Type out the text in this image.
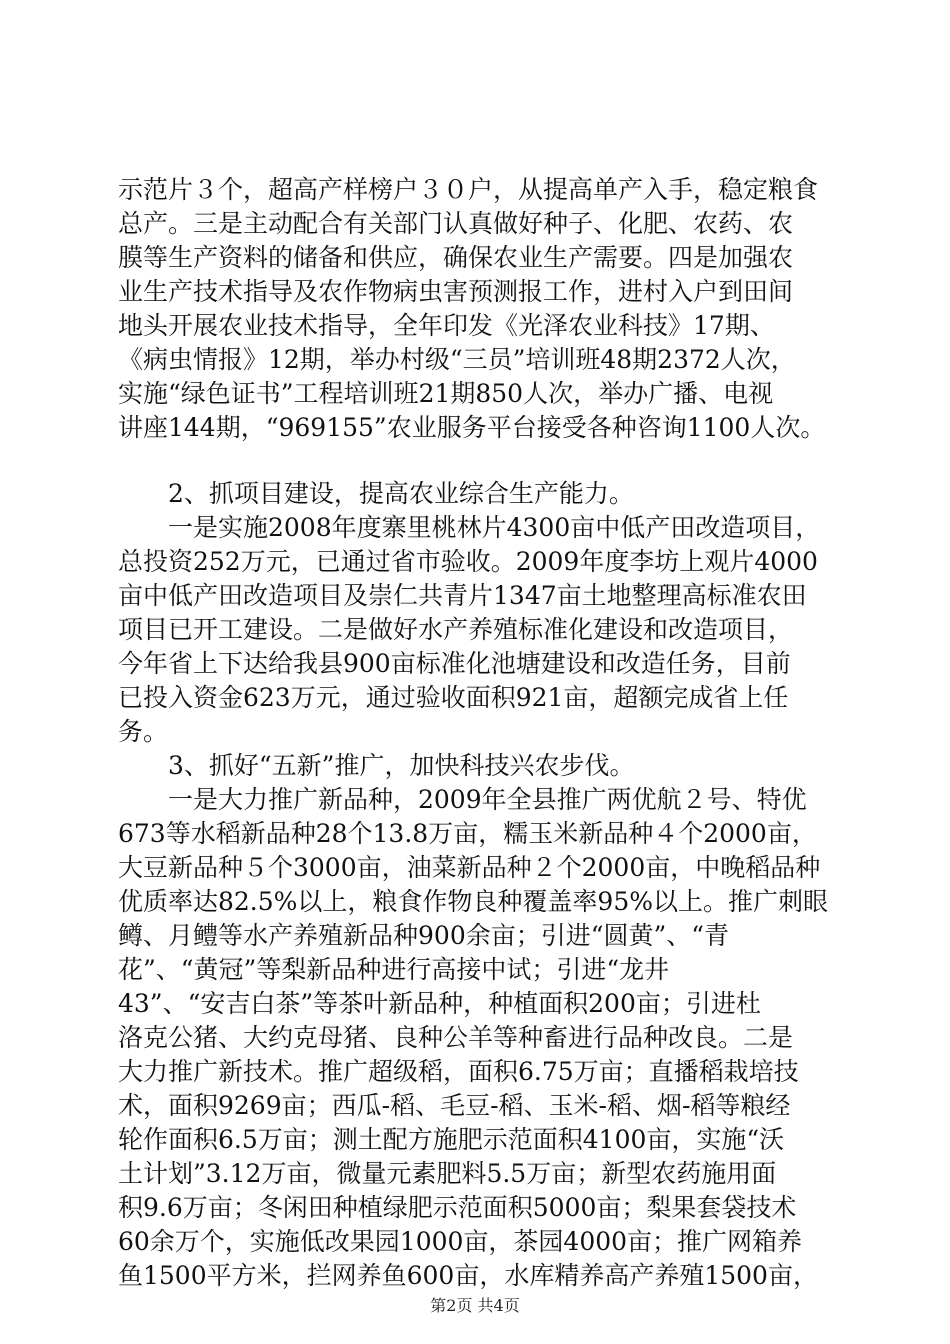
示范片３个，超高产样榜户３０户，从提高单产入手，稳定粮食
总产。三是主动配合有关部门认真做好种子、化肥、农药、农
膜等生产资料的储备和供应，确保农业生产需要。四是加强农
业生产技术指导及农作物病虫害预测报工作，进村入户到田间
地头开展农业技术指导，全年印发《光泽农业科技》17期、
《病虫情报》12期，举办村级“三员”培训班48期2372人次，
实施“绿色证书”工程培训班21期850人次，举办广播、电视
讲座144期，“969155”农业服务平台接受各种咨询1100人次。
2、抓项目建设，提高农业综合生产能力。
一是实施2008年度寨里桃林片4300亩中低产田改造项目，
总投资252万元，已通过省市验收。2009年度李坊上观片4000
亩中低产田改造项目及崇仁共青片1347亩土地整理高标准农田
项目已开工建设。二是做好水产养殖标准化建设和改造项目，
今年省上下达给我县900亩标准化池塘建设和改造任务，目前
已投入资金623万元，通过验收面积921亩，超额完成省上任
务。
3、抓好“五新”推广，加快科技兴农步伐。
一是大力推广新品种，2009年全县推广两优航２号、特优
673等水稻新品种28个13.8万亩，糯玉米新品种４个2000亩，
大豆新品种５个3000亩，油菜新品种２个2000亩，中晚稻品种
优质率达82.5%以上，粮食作物良种覆盖率95%以上。推广刺眼
鳟、月鳢等水产养殖新品种900余亩；引进“圆黄”、“青
花”、“黄冠”等梨新品种进行高接中试；引进“龙井
43”、“安吉白茶”等茶叶新品种，种植面积200亩；引进杜
洛克公猪、大约克母猪、良种公羊等种畜进行品种改良。二是
大力推广新技术。推广超级稻，面积6.75万亩；直播稻栽培技
术，面积9269亩；西瓜-稻、毛豆-稻、玉米-稻、烟-稻等粮经
轮作面积6.5万亩；测土配方施肥示范面积4100亩，实施“沃
土计划”3.12万亩，微量元素肥料5.5万亩；新型农药施用面
积9.6万亩；冬闲田种植绿肥示范面积5000亩；梨果套袋技术
60余万个，实施低改果园1000亩，茶园4000亩；推广网箱养
鱼1500平方米，拦网养鱼600亩，水库精养高产养殖1500亩，
第2页 共4页
